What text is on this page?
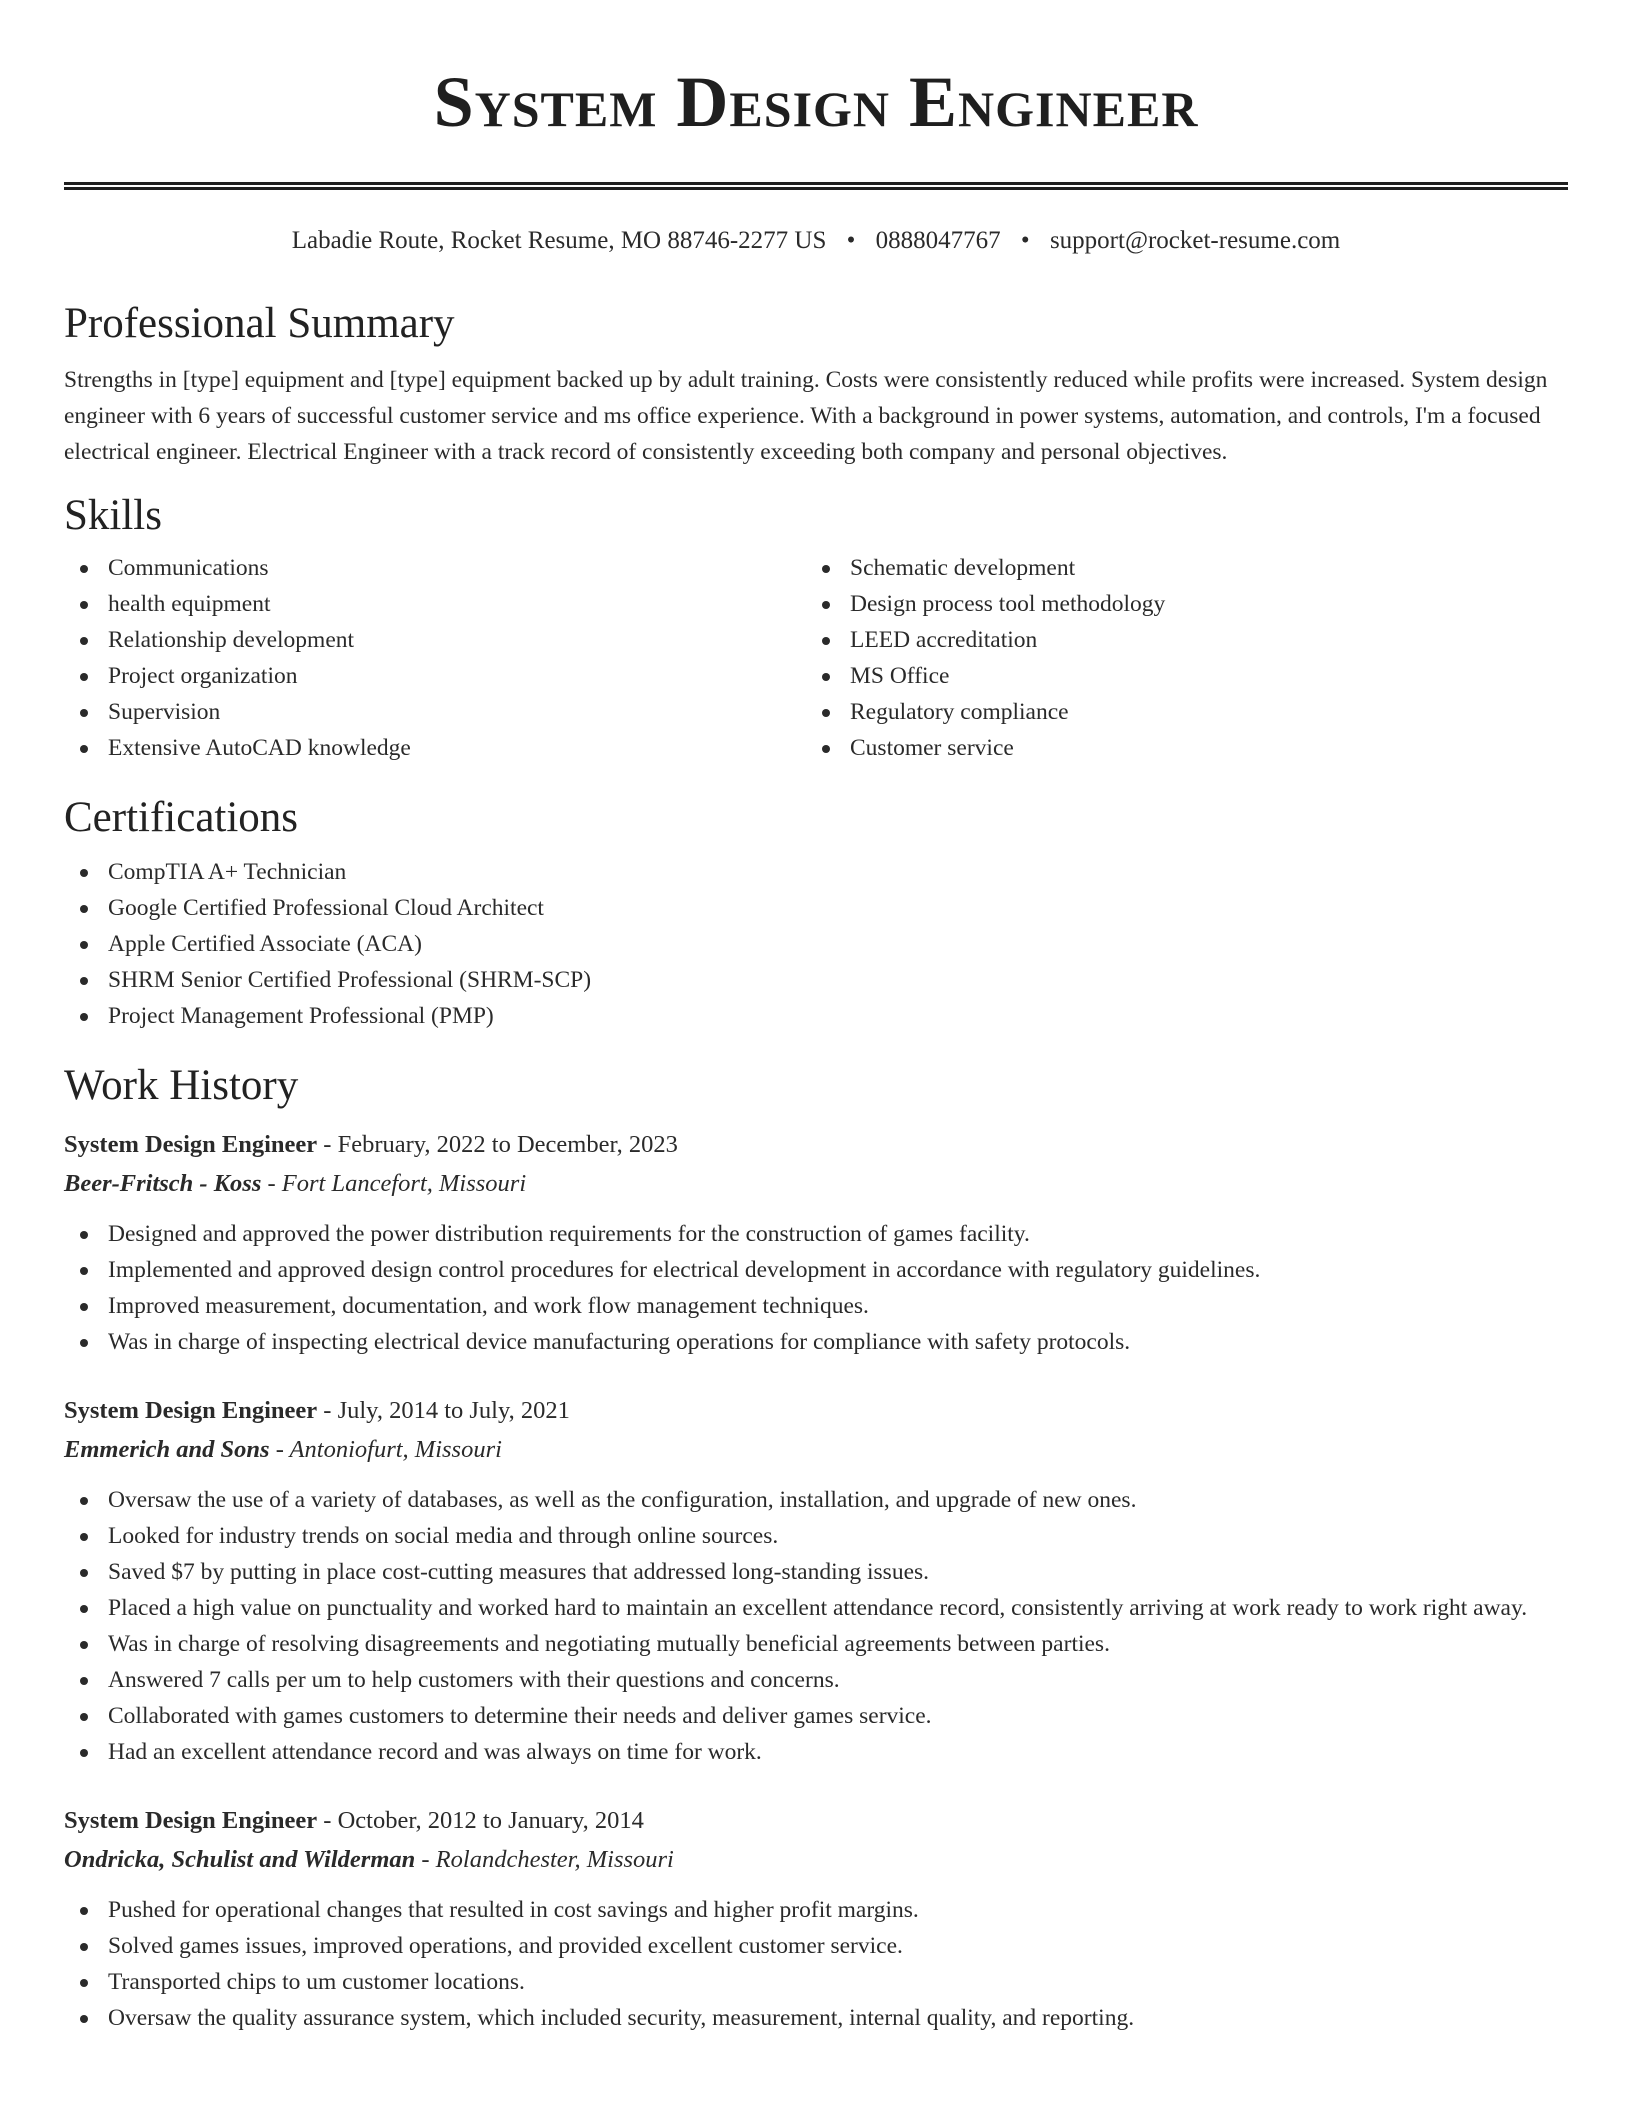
System Design Engineer
Labadie Route, Rocket Resume, MO 88746-2277 US • 0888047767 • support@rocket-resume.com
Professional Summary

Strengths in [type] equipment and [type] equipment backed up by adult training. Costs were consistently reduced while profits were increased. System design engineer with 6 years of successful customer service and ms office experience. With a background in power systems, automation, and controls, I'm a focused electrical engineer. Electrical Engineer with a track record of consistently exceeding both company and personal objectives.

Skills
Communications
health equipment
Relationship development
Project organization
Supervision
Extensive AutoCAD knowledge
Schematic development
Design process tool methodology
LEED accreditation
MS Office
Regulatory compliance
Customer service
Certifications
CompTIA A+ Technician
Google Certified Professional Cloud Architect
Apple Certified Associate (ACA)
SHRM Senior Certified Professional (SHRM-SCP)
Project Management Professional (PMP)
Work History
System Design Engineer - February, 2022 to December, 2023
Beer-Fritsch - Koss - Fort Lancefort, Missouri
Designed and approved the power distribution requirements for the construction of games facility.
Implemented and approved design control procedures for electrical development in accordance with regulatory guidelines.
Improved measurement, documentation, and work flow management techniques.
Was in charge of inspecting electrical device manufacturing operations for compliance with safety protocols.
System Design Engineer - July, 2014 to July, 2021
Emmerich and Sons - Antoniofurt, Missouri
Oversaw the use of a variety of databases, as well as the configuration, installation, and upgrade of new ones.
Looked for industry trends on social media and through online sources.
Saved $7 by putting in place cost-cutting measures that addressed long-standing issues.
Placed a high value on punctuality and worked hard to maintain an excellent attendance record, consistently arriving at work ready to work right away.
Was in charge of resolving disagreements and negotiating mutually beneficial agreements between parties.
Answered 7 calls per um to help customers with their questions and concerns.
Collaborated with games customers to determine their needs and deliver games service.
Had an excellent attendance record and was always on time for work.
System Design Engineer - October, 2012 to January, 2014
Ondricka, Schulist and Wilderman - Rolandchester, Missouri
Pushed for operational changes that resulted in cost savings and higher profit margins.
Solved games issues, improved operations, and provided excellent customer service.
Transported chips to um customer locations.
Oversaw the quality assurance system, which included security, measurement, internal quality, and reporting.
